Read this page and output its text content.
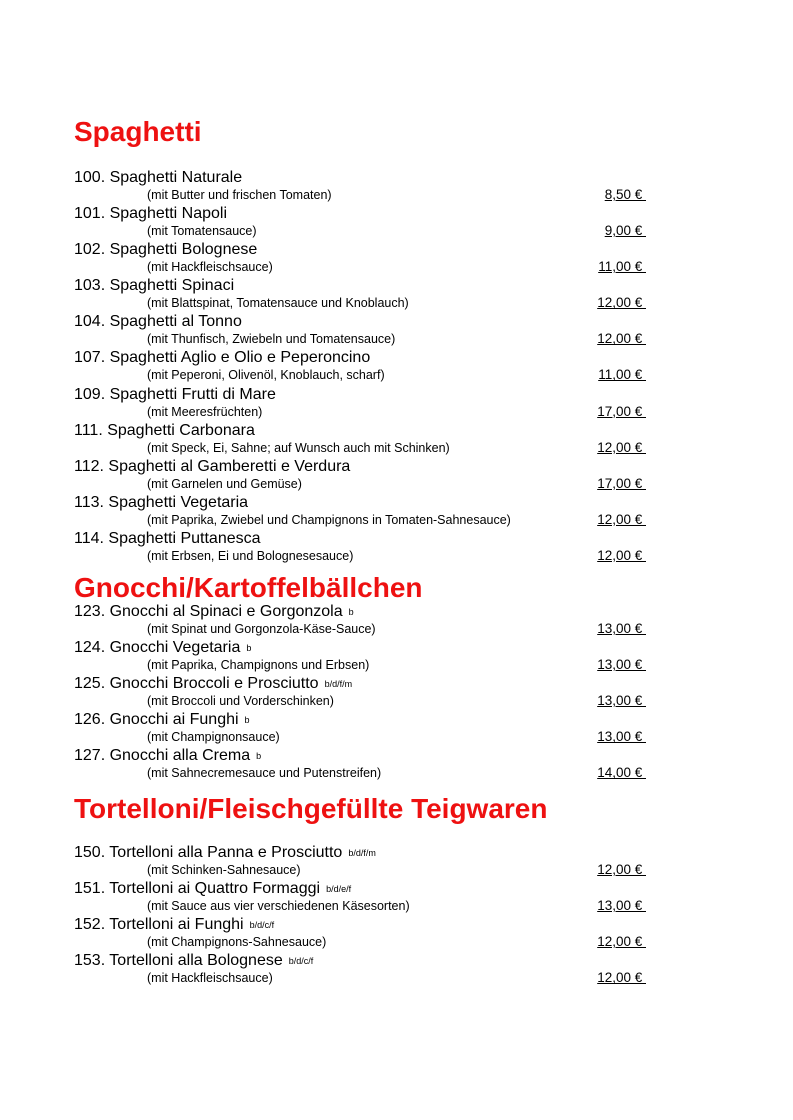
Spaghetti
100. Spaghetti Naturale
(mit Butter und frischen Tomaten)	8,50 €
101. Spaghetti Napoli
(mit Tomatensauce)	9,00 €
102. Spaghetti Bolognese
(mit Hackfleischsauce)	11,00 €
103. Spaghetti Spinaci
(mit Blattspinat, Tomatensauce und Knoblauch)	12,00 €
104. Spaghetti al Tonno
(mit Thunfisch, Zwiebeln und Tomatensauce)	12,00 €
107. Spaghetti Aglio e Olio e Peperoncino
(mit Peperoni, Olivenöl, Knoblauch, scharf)	11,00 €
109. Spaghetti Frutti di Mare
(mit Meeresfrüchten)	17,00 €
111. Spaghetti Carbonara
(mit Speck, Ei, Sahne; auf Wunsch auch mit Schinken)	12,00 €
112. Spaghetti al Gamberetti e Verdura
(mit Garnelen und Gemüse)	17,00 €
113. Spaghetti Vegetaria
(mit Paprika, Zwiebel und Champignons in Tomaten-Sahnesauce)	12,00 €
114. Spaghetti Puttanesca
(mit Erbsen, Ei und Bolognesesauce)	12,00 €
Gnocchi/Kartoffelbällchen
123. Gnocchi al Spinaci e Gorgonzola b
(mit Spinat und Gorgonzola-Käse-Sauce)	13,00 €
124. Gnocchi Vegetaria b
(mit Paprika, Champignons und Erbsen)	13,00 €
125. Gnocchi Broccoli e Prosciutto b/d/f/m
(mit Broccoli und Vorderschinken)	13,00 €
126. Gnocchi ai Funghi b
(mit Champignonsauce)	13,00 €
127. Gnocchi alla Crema b
(mit Sahnecremesauce und Putenstreifen)	14,00 €
Tortelloni/Fleischgefüllte Teigwaren
150. Tortelloni alla Panna e Prosciutto b/d/f/m
(mit Schinken-Sahnesauce)	12,00 €
151. Tortelloni ai Quattro Formaggi b/d/e/f
(mit Sauce aus vier verschiedenen Käsesorten)	13,00 €
152. Tortelloni ai Funghi b/d/c/f
(mit Champignons-Sahnesauce)	12,00 €
153. Tortelloni alla Bolognese b/d/c/f
(mit Hackfleischsauce)	12,00 €
